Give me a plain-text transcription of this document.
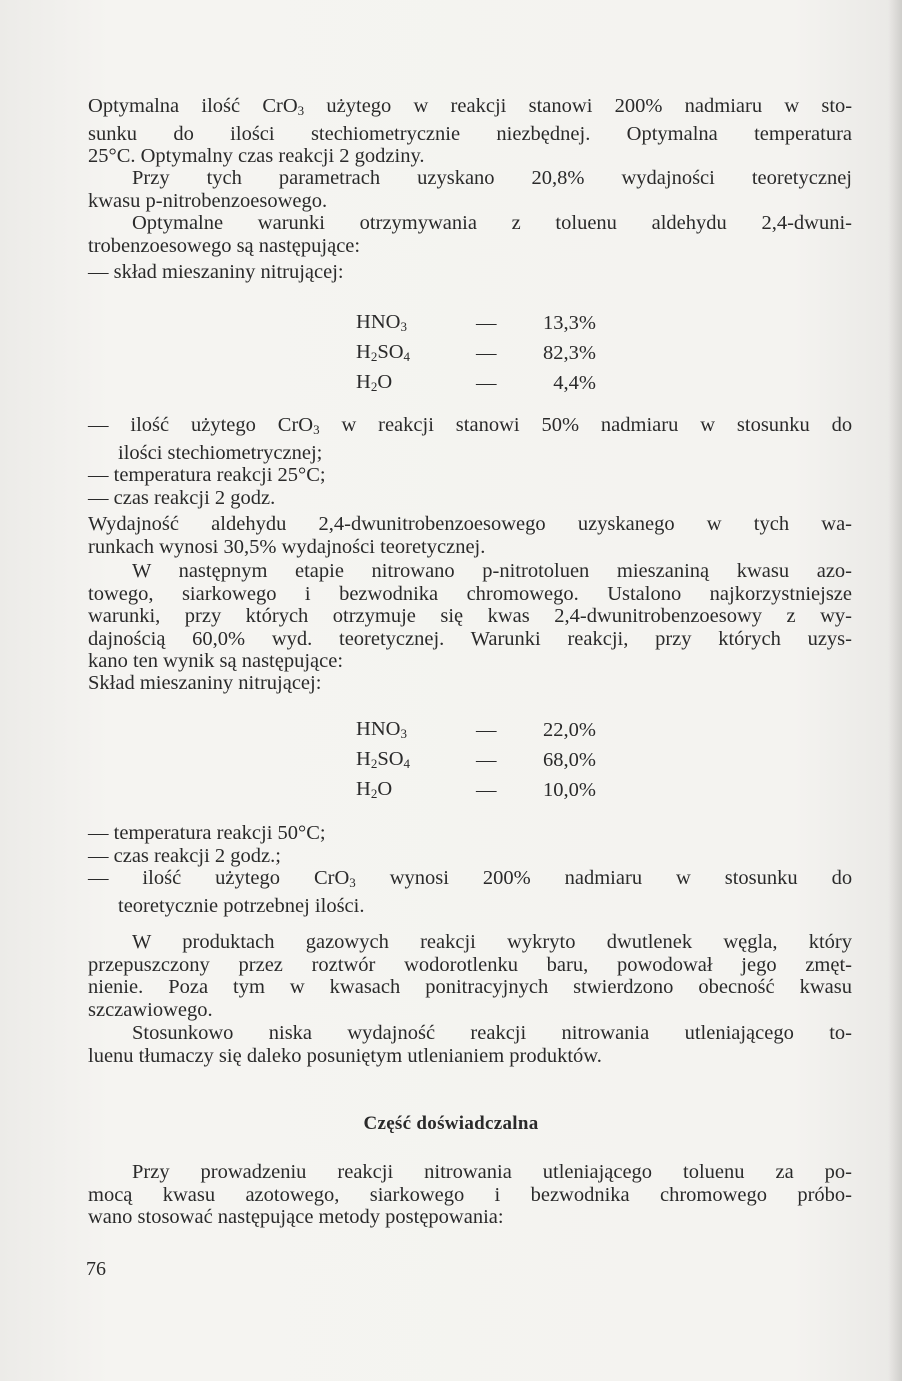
Optymalna ilość CrO$_3$ użytego w reakcji stanowi 200% nadmiaru w sto-
sunku do ilości stechiometrycznie niezbędnej. Optymalna temperatura
25°C. Optymalny czas reakcji 2 godziny.
Przy tych parametrach uzyskano 20,8% wydajności teoretycznej
kwasu p-nitrobenzoesowego.
Optymalne warunki otrzymywania z toluenu aldehydu 2,4-dwuni-
trobenzoesowego są następujące:
— skład mieszaniny nitrującej:
$HNO_3$	— 13,3%
$H_2SO_4$	— 82,3%
$H_2O$	—	4,4%
— ilość użytego CrO$_3$ w reakcji stanowi 50% nadmiaru w stosunku do
ilości stechiometrycznej;
— temperatura reakcji 25°C;
— czas reakcji 2 godz.
Wydajność aldehydu 2,4-dwunitrobenzoesowego uzyskanego w tych wa-
runkach wynosi 30,5% wydajności teoretycznej.
W następnym etapie nitrowano p-nitrotoluen mieszaniną kwasu azo-
towego, siarkowego i bezwodnika chromowego. Ustalono najkorzystniejsze
warunki, przy których otrzymuje się kwas 2,4-dwunitrobenzoesowy z wy-
dajnością 60,0% wyd. teoretycznej. Warunki reakcji, przy których uzys-
kano ten wynik są następujące:
Skład mieszaniny nitrującej:
$HNO_3$	— 22,0%
$H_2SO_4$	— 68,0%
$H_2O$	— 10,0%
— temperatura reakcji 50°C;
— czas reakcji 2 godz.;
— ilość użytego CrO$_3$ wynosi 200% nadmiaru w stosunku do
teoretycznie potrzebnej ilości.
W produktach gazowych reakcji wykryto dwutlenek węgla, który
przepuszczony przez roztwór wodorotlenku baru, powodował jego zmęt-
nienie. Poza tym w kwasach ponitracyjnych stwierdzono obecność kwasu
szczawiowego.
Stosunkowo niska wydajność reakcji nitrowania utleniającego to-
luenu tłumaczy się daleko posuniętym utlenianiem produktów.
Część doświadczalna
Przy prowadzeniu reakcji nitrowania utleniającego toluenu za po-
mocą kwasu azotowego, siarkowego i bezwodnika chromowego próbo-
wano stosować następujące metody postępowania:
76
